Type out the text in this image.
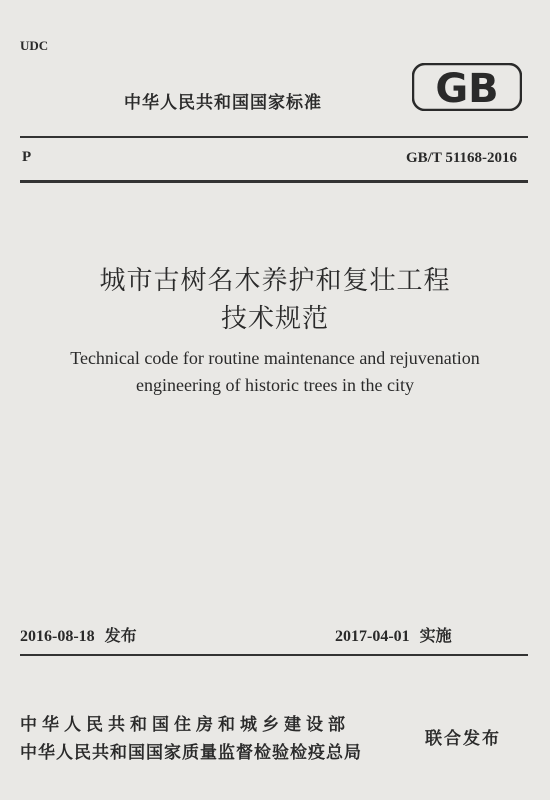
UDC
中华人民共和国国家标准	GB
P	GB/T 51168-2016
城市古树名木养护和复壮工程
技术规范
Technical code for routine maintenance and rejuvenation
engineering of historic trees in the city
2016-08-18 发布	2017-04-01 实施
中华人民共和国住房和城乡建设部
中华人民共和国国家质量监督检验检疫总局
联合发布
